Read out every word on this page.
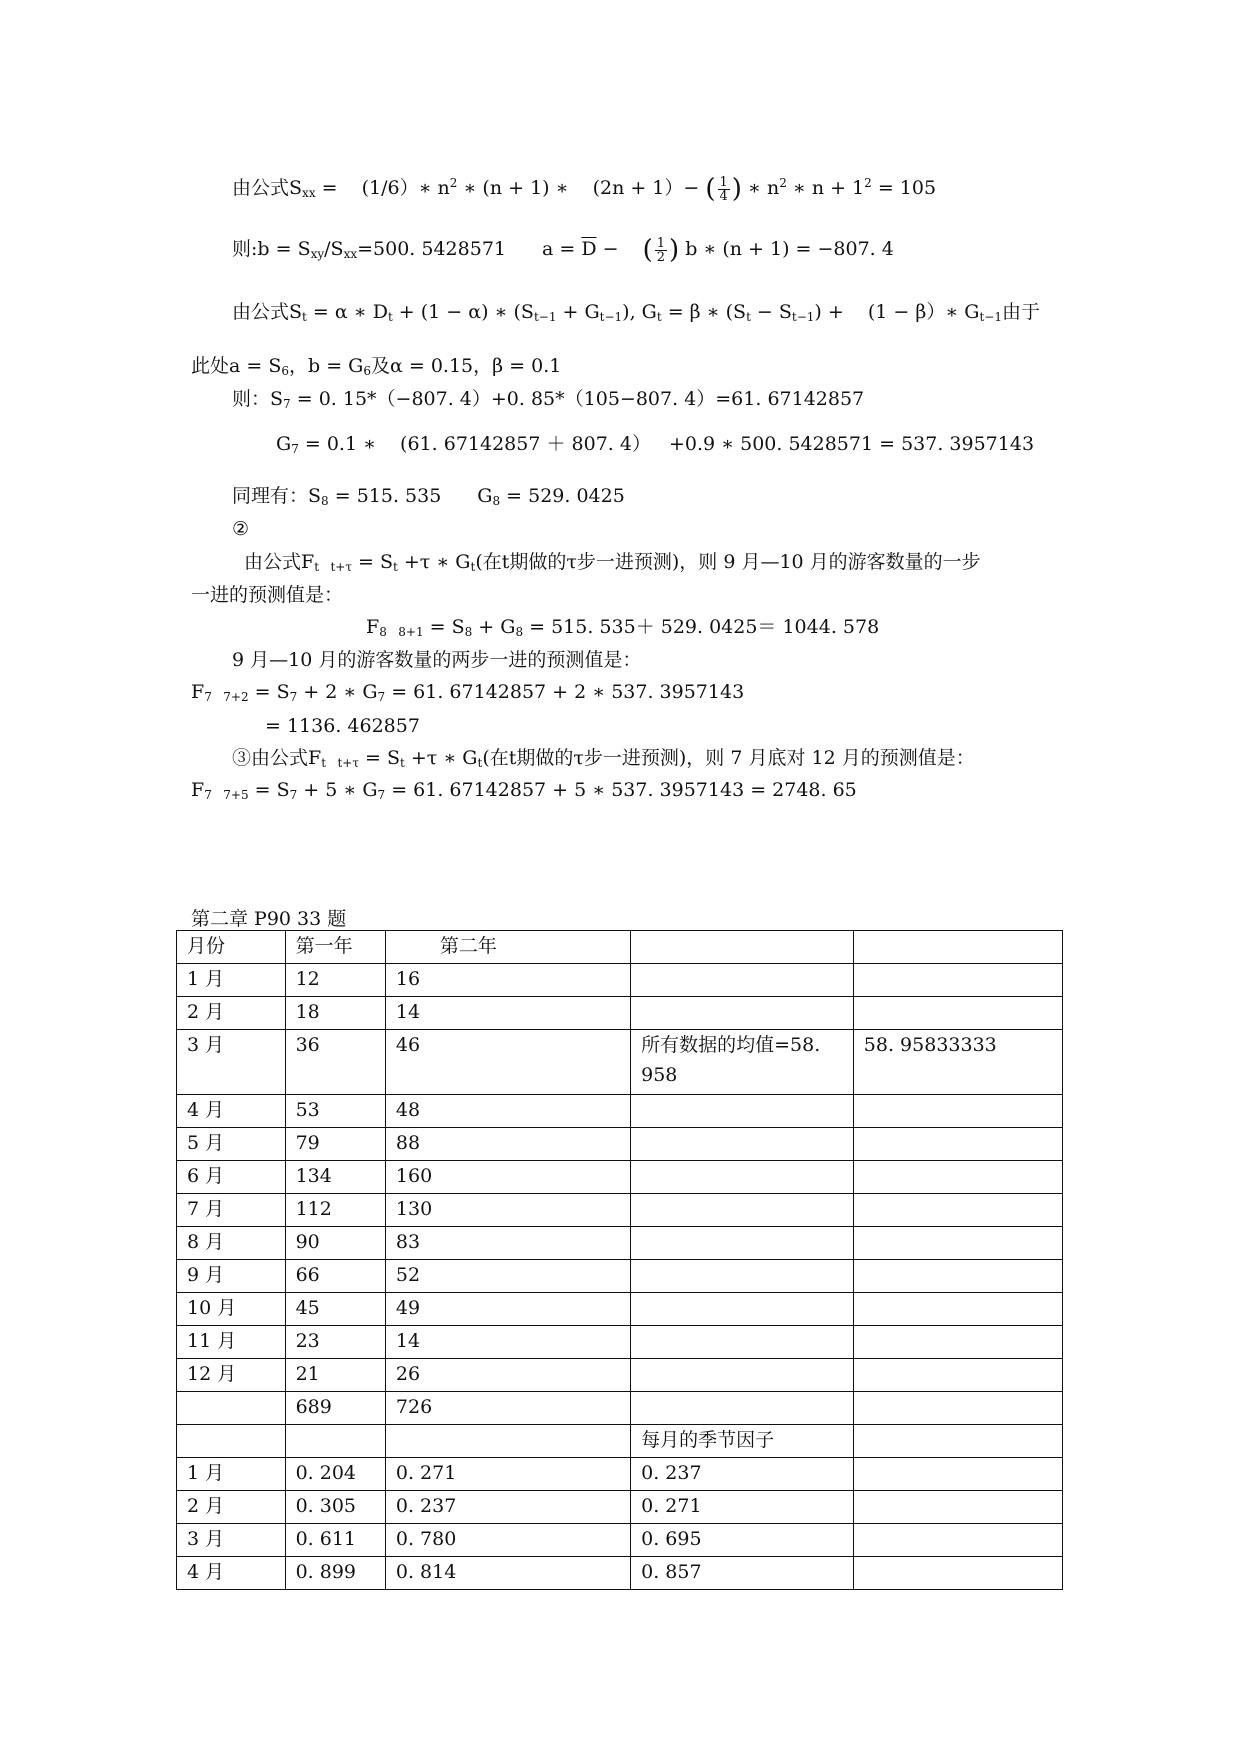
由公式$S_{xx}$ = (1/6）∗ $n^2$ ∗ (n + 1) ∗ (2n + 1）− ( $\frac{1}{4}$ ) ∗ $n^2$ ∗ $n + 1^2 = 105$
则:b = $S_{xy}/S_{xx}=500$. 5428571 $a = \overline{D}$ − ( $\frac{1}{2}$ ) b ∗ (n + 1) = −807. 4
由公式$S_t = \alpha$ ∗ $D_t + (1 - \alpha)$ ∗ $(S_{t-1} + G_{t-1})$, $G_t = \beta$ ∗ $(S_t - S_{t-1}) + (1$ − β）∗ $G_{t-1}$由于
此处$a = S_6$，$b = G_6$及α = 0.15，β = 0.1
则：$S_7 = 0$. 15*（−807. 4）+0. 85*（105−807. 4）=61. 67142857
$G_7 = 0.1$ ∗ (61. 67142857 ＋ 807. 4） +0.9 ∗ 500. 5428571 = 537. 3957143
同理有：$S_8 = 515$. 535 $G_8 = 529$. 0425
②
由公式$F_{t t+\tau} = S_t +\tau$ ∗ $G_t$(在t期做的τ步一进预测)，则 9 月—10 月的游客数量的一步
一进的预测值是：
$F_{8 8+1} = S_8 + G_8 = 515$. 535＋ 529. 0425＝ 1044. 578
9 月—10 月的游客数量的两步一进的预测值是：
$F_{7 7+2} = S_7 + 2$ ∗ $G_7 = 61$. 67142857 + 2 ∗ 537. 3957143
= 1136. 462857
③由公式$F_{t t+\tau} = S_t +\tau$ ∗ $G_t$(在t期做的τ步一进预测)，则 7 月底对 12 月的预测值是：
$F_{7 7+5} = S_7 + 5$ ∗ $G_7 = 61$. 67142857 + 5 ∗ 537. 3957143 = 2748. 65
第二章 P90 33 题
月份	第一年	第二年		
1 月	12	16		
2 月	18	14		
3 月	36	46	所有数据的均值=58. 958	58. 95833333
4 月	53	48		
5 月	79	88		
6 月	134	160		
7 月	112	130		
8 月	90	83		
9 月	66	52		
10 月	45	49		
11 月	23	14		
12 月	21	26		
	689	726		
			每月的季节因子	
1 月	0. 204	0. 271	0. 237	
2 月	0. 305	0. 237	0. 271	
3 月	0. 611	0. 780	0. 695	
4 月	0. 899	0. 814	0. 857	
